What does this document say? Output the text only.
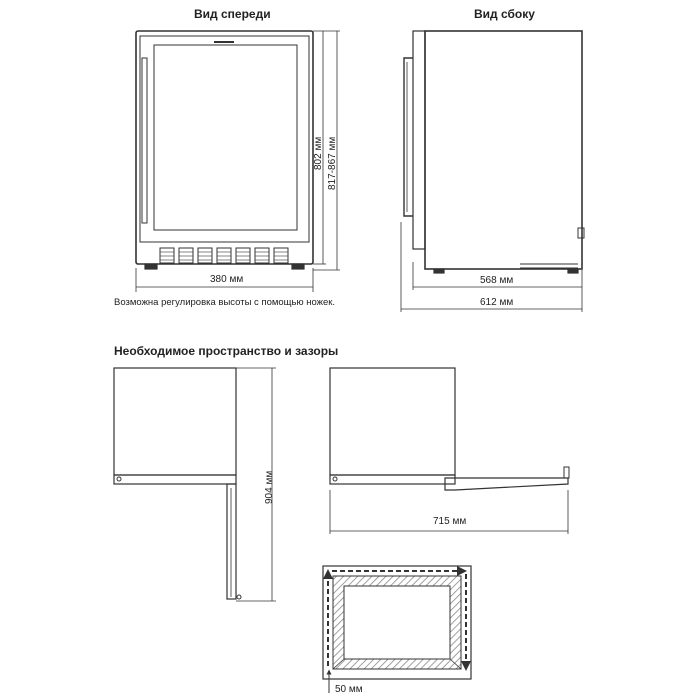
Вид спереди	Вид сбоку
380 мм
802 мм 817-867 мм
Возможна регулировка высоты с помощью ножек.
568 мм
612 мм
Необходимое пространство и зазоры
904 мм
715 мм
50 мм
